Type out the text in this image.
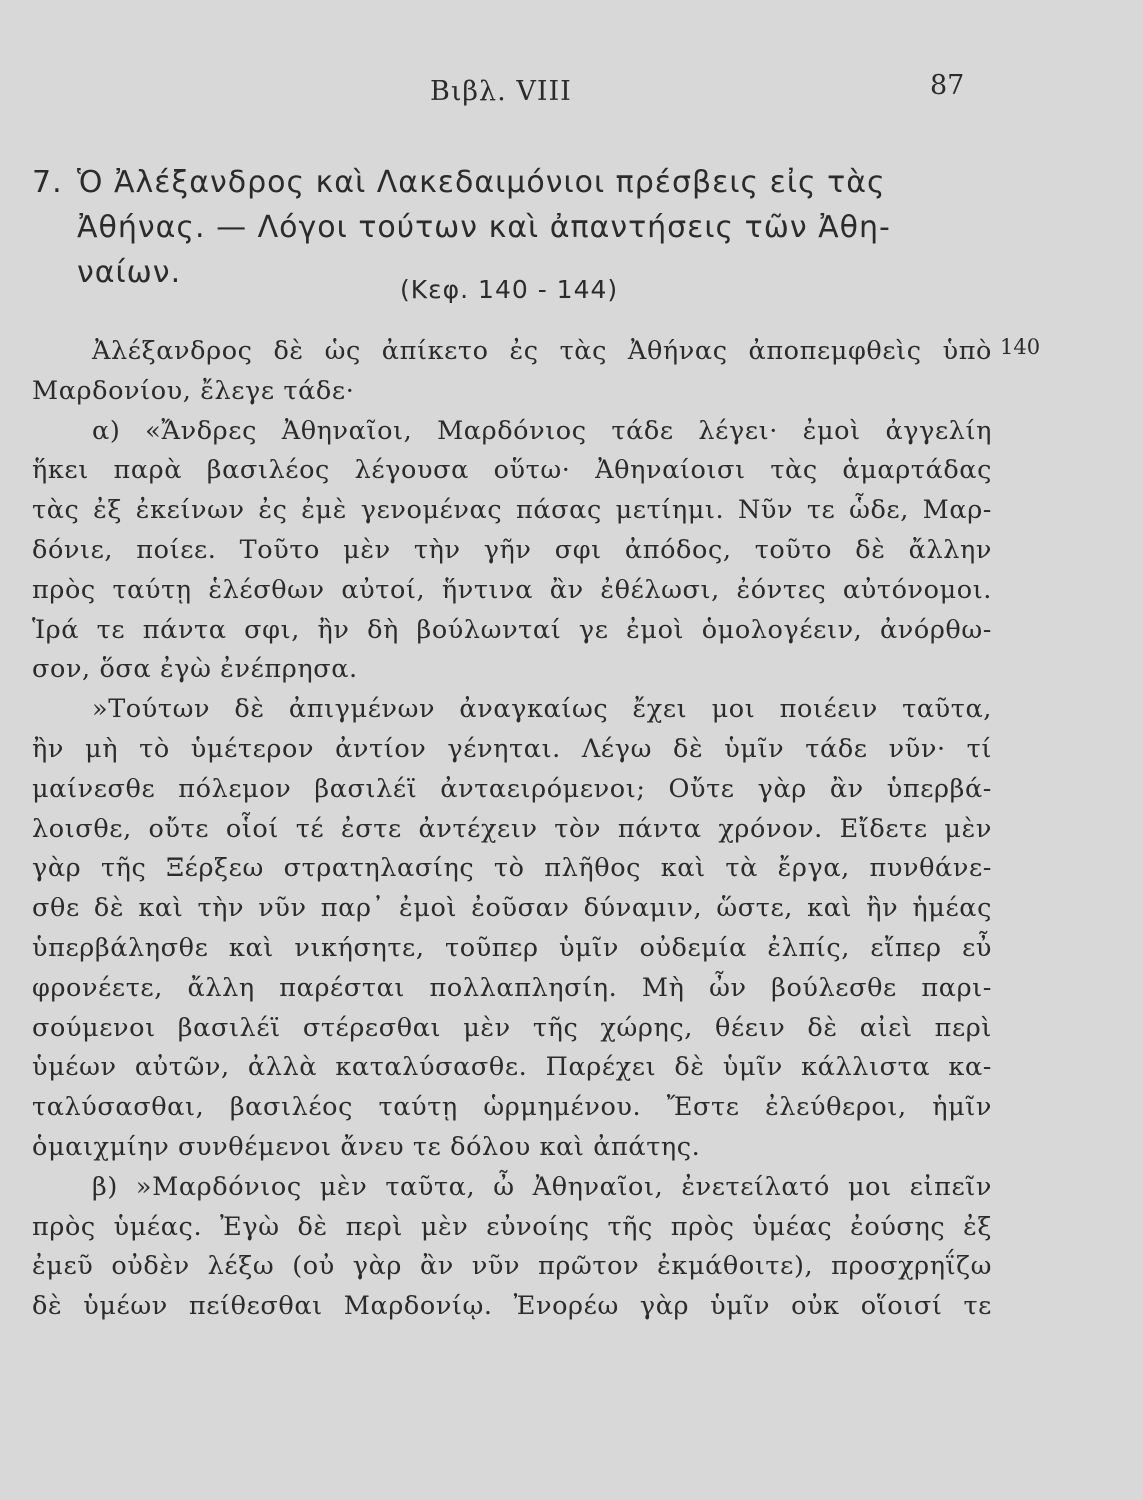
Βιβλ. VIII	87
7. Ὁ Ἀλέξανδρος καὶ Λακεδαιμόνιοι πρέσβεις εἰς τὰς
Ἀθήνας. — Λόγοι τούτων καὶ ἀπαντήσεις τῶν Ἀθη-
ναίων.	(Κεφ. 140 - 144)
140
Ἀλέξανδρος δὲ ὡς ἀπίκετο ἐς τὰς Ἀθήνας ἀποπεμφθεὶς ὑπὸ
Μαρδονίου, ἔλεγε τάδε·
α) «Ἄνδρες Ἀθηναῖοι, Μαρδόνιος τάδε λέγει· ἐμοὶ ἀγγελίη
ἥκει παρὰ βασιλέος λέγουσα οὕτω· Ἀθηναίοισι τὰς ἁμαρτάδας
τὰς ἐξ ἐκείνων ἐς ἐμὲ γενομένας πάσας μετίημι. Νῦν τε ὧδε, Μαρ-
δόνιε, ποίεε. Τοῦτο μὲν τὴν γῆν σφι ἀπόδος, τοῦτο δὲ ἄλλην
πρὸς ταύτῃ ἑλέσθων αὐτοί, ἥντινα ἂν ἐθέλωσι, ἐόντες αὐτόνομοι.
Ἱρά τε πάντα σφι, ἢν δὴ βούλωνταί γε ἐμοὶ ὁμολογέειν, ἀνόρθω-
σον, ὅσα ἐγὼ ἐνέπρησα.
»Τούτων δὲ ἀπιγμένων ἀναγκαίως ἔχει μοι ποιέειν ταῦτα,
ἢν μὴ τὸ ὑμέτερον ἀντίον γένηται. Λέγω δὲ ὑμῖν τάδε νῦν· τί
μαίνεσθε πόλεμον βασιλέϊ ἀνταειρόμενοι; Οὔτε γὰρ ἂν ὑπερβά-
λοισθε, οὔτε οἷοί τέ ἐστε ἀντέχειν τὸν πάντα χρόνον. Εἴδετε μὲν
γὰρ τῆς Ξέρξεω στρατηλασίης τὸ πλῆθος καὶ τὰ ἔργα, πυνθάνε-
σθε δὲ καὶ τὴν νῦν παρ᾽ ἐμοὶ ἐοῦσαν δύναμιν, ὥστε, καὶ ἢν ἡμέας
ὑπερβάλησθε καὶ νικήσητε, τοῦπερ ὑμῖν οὐδεμία ἐλπίς, εἴπερ εὖ
φρονέετε, ἄλλη παρέσται πολλαπλησίη. Μὴ ὦν βούλεσθε παρι-
σούμενοι βασιλέϊ στέρεσθαι μὲν τῆς χώρης, θέειν δὲ αἰεὶ περὶ
ὑμέων αὐτῶν, ἀλλὰ καταλύσασθε. Παρέχει δὲ ὑμῖν κάλλιστα κα-
ταλύσασθαι, βασιλέος ταύτῃ ὡρμημένου. Ἔστε ἐλεύθεροι, ἡμῖν
ὁμαιχμίην συνθέμενοι ἄνευ τε δόλου καὶ ἀπάτης.
β) »Μαρδόνιος μὲν ταῦτα, ὦ Ἀθηναῖοι, ἐνετείλατό μοι εἰπεῖν
πρὸς ὑμέας. Ἐγὼ δὲ περὶ μὲν εὐνοίης τῆς πρὸς ὑμέας ἐούσης ἐξ
ἐμεῦ οὐδὲν λέξω (οὐ γὰρ ἂν νῦν πρῶτον ἐκμάθοιτε), προσχρηΐζω
δὲ ὑμέων πείθεσθαι Μαρδονίῳ. Ἐνορέω γὰρ ὑμῖν οὐκ οἵοισί τε
